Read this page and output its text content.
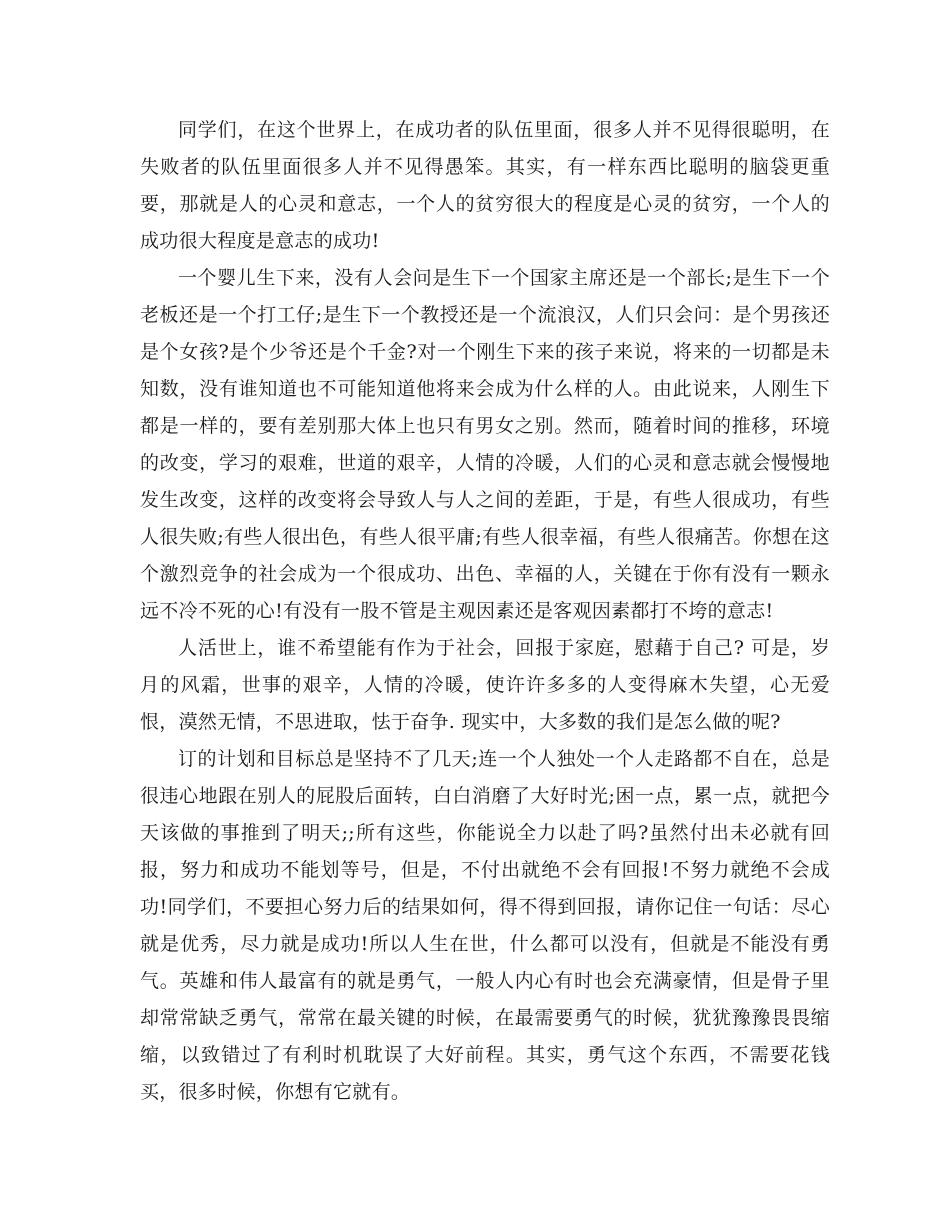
同学们，在这个世界上，在成功者的队伍里面，很多人并不见得很聪明，在失败者的队伍里面很多人并不见得愚笨。其实，有一样东西比聪明的脑袋更重要，那就是人的心灵和意志，一个人的贫穷很大的程度是心灵的贫穷，一个人的成功很大程度是意志的成功!

一个婴儿生下来，没有人会问是生下一个国家主席还是一个部长;是生下一个老板还是一个打工仔;是生下一个教授还是一个流浪汉，人们只会问：是个男孩还是个女孩?是个少爷还是个千金?对一个刚生下来的孩子来说，将来的一切都是未知数，没有谁知道也不可能知道他将来会成为什么样的人。由此说来，人刚生下都是一样的，要有差别那大体上也只有男女之别。然而，随着时间的推移，环境的改变，学习的艰难，世道的艰辛，人情的冷暖，人们的心灵和意志就会慢慢地发生改变，这样的改变将会导致人与人之间的差距，于是，有些人很成功，有些人很失败;有些人很出色，有些人很平庸;有些人很幸福，有些人很痛苦。你想在这个激烈竞争的社会成为一个很成功、出色、幸福的人，关键在于你有没有一颗永远不冷不死的心!有没有一股不管是主观因素还是客观因素都打不垮的意志!

人活世上，谁不希望能有作为于社会，回报于家庭，慰藉于自己? 可是，岁月的风霜，世事的艰辛，人情的冷暖，使许许多多的人变得麻木失望，心无爱恨，漠然无情，不思进取，怯于奋争. 现实中，大多数的我们是怎么做的呢?

订的计划和目标总是坚持不了几天;连一个人独处一个人走路都不自在，总是很违心地跟在别人的屁股后面转，白白消磨了大好时光;困一点，累一点，就把今天该做的事推到了明天;;所有这些，你能说全力以赴了吗?虽然付出未必就有回报，努力和成功不能划等号，但是，不付出就绝不会有回报!不努力就绝不会成功!同学们，不要担心努力后的结果如何，得不得到回报，请你记住一句话：尽心就是优秀，尽力就是成功!所以人生在世，什么都可以没有，但就是不能没有勇气。英雄和伟人最富有的就是勇气，一般人内心有时也会充满豪情，但是骨子里却常常缺乏勇气，常常在最关键的时候，在最需要勇气的时候，犹犹豫豫畏畏缩缩，以致错过了有利时机耽误了大好前程。其实，勇气这个东西，不需要花钱买，很多时候，你想有它就有。
